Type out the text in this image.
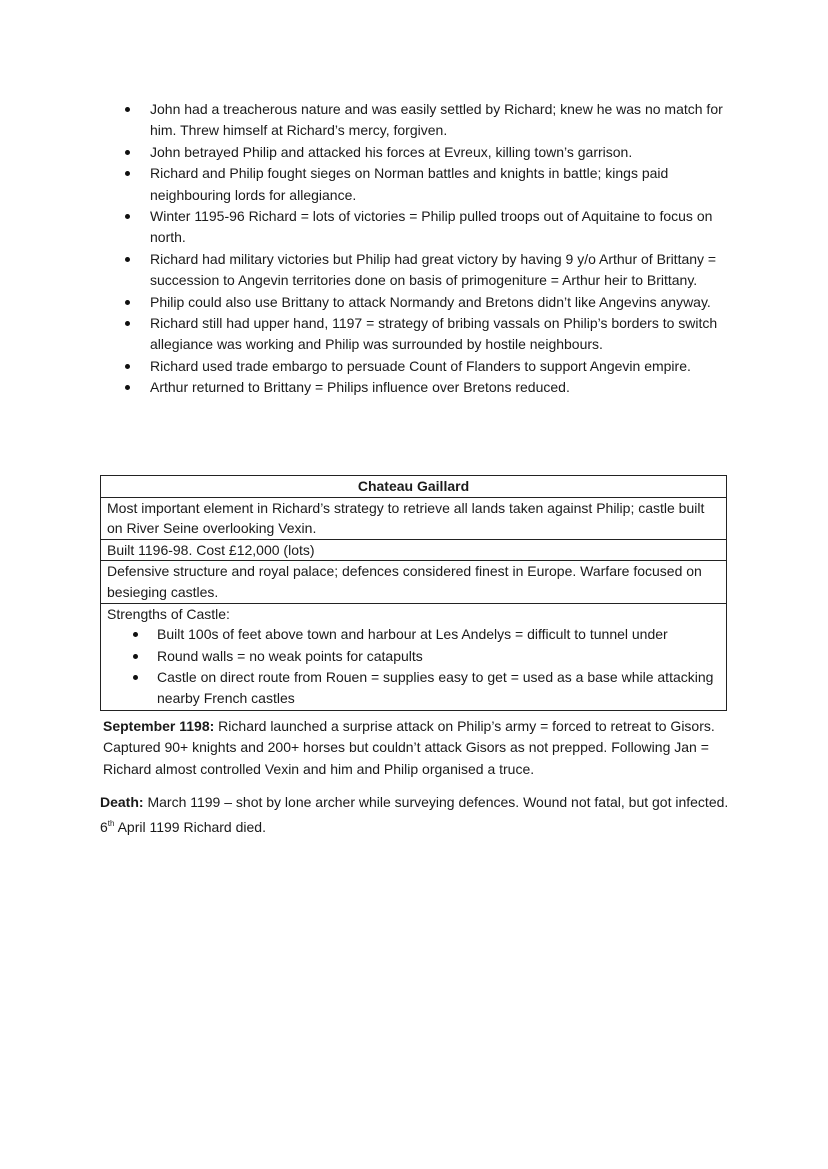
John had a treacherous nature and was easily settled by Richard; knew he was no match for him. Threw himself at Richard’s mercy, forgiven.
John betrayed Philip and attacked his forces at Evreux, killing town’s garrison.
Richard and Philip fought sieges on Norman battles and knights in battle; kings paid neighbouring lords for allegiance.
Winter 1195-96 Richard = lots of victories = Philip pulled troops out of Aquitaine to focus on north.
Richard had military victories but Philip had great victory by having 9 y/o Arthur of Brittany = succession to Angevin territories done on basis of primogeniture = Arthur heir to Brittany.
Philip could also use Brittany to attack Normandy and Bretons didn’t like Angevins anyway.
Richard still had upper hand, 1197 = strategy of bribing vassals on Philip’s borders to switch allegiance was working and Philip was surrounded by hostile neighbours.
Richard used trade embargo to persuade Count of Flanders to support Angevin empire.
Arthur returned to Brittany = Philips influence over Bretons reduced.
Chateau Gaillard
Most important element in Richard’s strategy to retrieve all lands taken against Philip; castle built on River Seine overlooking Vexin.
Built 1196-98. Cost £12,000 (lots)
Defensive structure and royal palace; defences considered finest in Europe. Warfare focused on besieging castles.

Strengths of Castle:
Built 100s of feet above town and harbour at Les Andelys = difficult to tunnel under
Round walls = no weak points for catapults
Castle on direct route from Rouen = supplies easy to get = used as a base while attacking nearby French castles

September 1198: Richard launched a surprise attack on Philip’s army = forced to retreat to Gisors. Captured 90+ knights and 200+ horses but couldn’t attack Gisors as not prepped. Following Jan = Richard almost controlled Vexin and him and Philip organised a truce.

Death: March 1199 – shot by lone archer while surveying defences. Wound not fatal, but got infected. 6th April 1199 Richard died.
